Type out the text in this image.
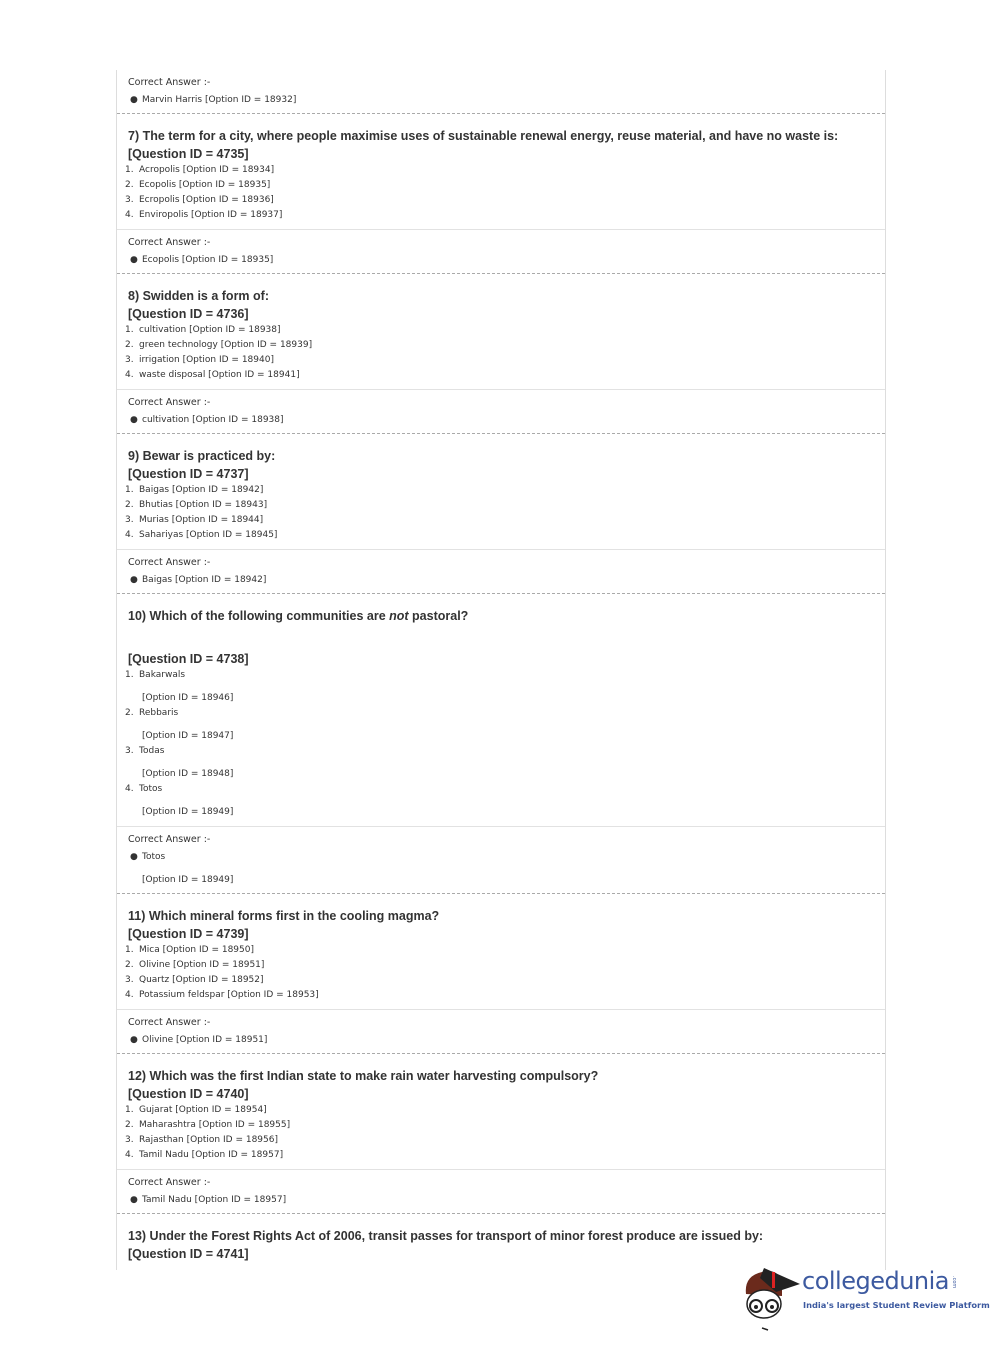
Correct Answer :-
● Marvin Harris [Option ID = 18932]
7) The term for a city, where people maximise uses of sustainable renewal energy, reuse material, and have no waste is:
[Question ID = 4735]
1. Acropolis [Option ID = 18934]
2. Ecopolis [Option ID = 18935]
3. Ecropolis [Option ID = 18936]
4. Enviropolis [Option ID = 18937]
Correct Answer :-
● Ecopolis [Option ID = 18935]
8) Swidden is a form of:
[Question ID = 4736]
1. cultivation [Option ID = 18938]
2. green technology [Option ID = 18939]
3. irrigation [Option ID = 18940]
4. waste disposal [Option ID = 18941]
Correct Answer :-
● cultivation [Option ID = 18938]
9) Bewar is practiced by:
[Question ID = 4737]
1. Baigas [Option ID = 18942]
2. Bhutias [Option ID = 18943]
3. Murias [Option ID = 18944]
4. Sahariyas [Option ID = 18945]
Correct Answer :-
● Baigas [Option ID = 18942]
10) Which of the following communities are not pastoral?
[Question ID = 4738]
1. Bakarwals
[Option ID = 18946]
2. Rebbaris
[Option ID = 18947]
3. Todas
[Option ID = 18948]
4. Totos
[Option ID = 18949]
Correct Answer :-
● Totos
[Option ID = 18949]
11) Which mineral forms first in the cooling magma?
[Question ID = 4739]
1. Mica [Option ID = 18950]
2. Olivine [Option ID = 18951]
3. Quartz [Option ID = 18952]
4. Potassium feldspar [Option ID = 18953]
Correct Answer :-
● Olivine [Option ID = 18951]
12) Which was the first Indian state to make rain water harvesting compulsory?
[Question ID = 4740]
1. Gujarat [Option ID = 18954]
2. Maharashtra [Option ID = 18955]
3. Rajasthan [Option ID = 18956]
4. Tamil Nadu [Option ID = 18957]
Correct Answer :-
● Tamil Nadu [Option ID = 18957]
13) Under the Forest Rights Act of 2006, transit passes for transport of minor forest produce are issued by:
[Question ID = 4741]
collegedunia .com
India's largest Student Review Platform
